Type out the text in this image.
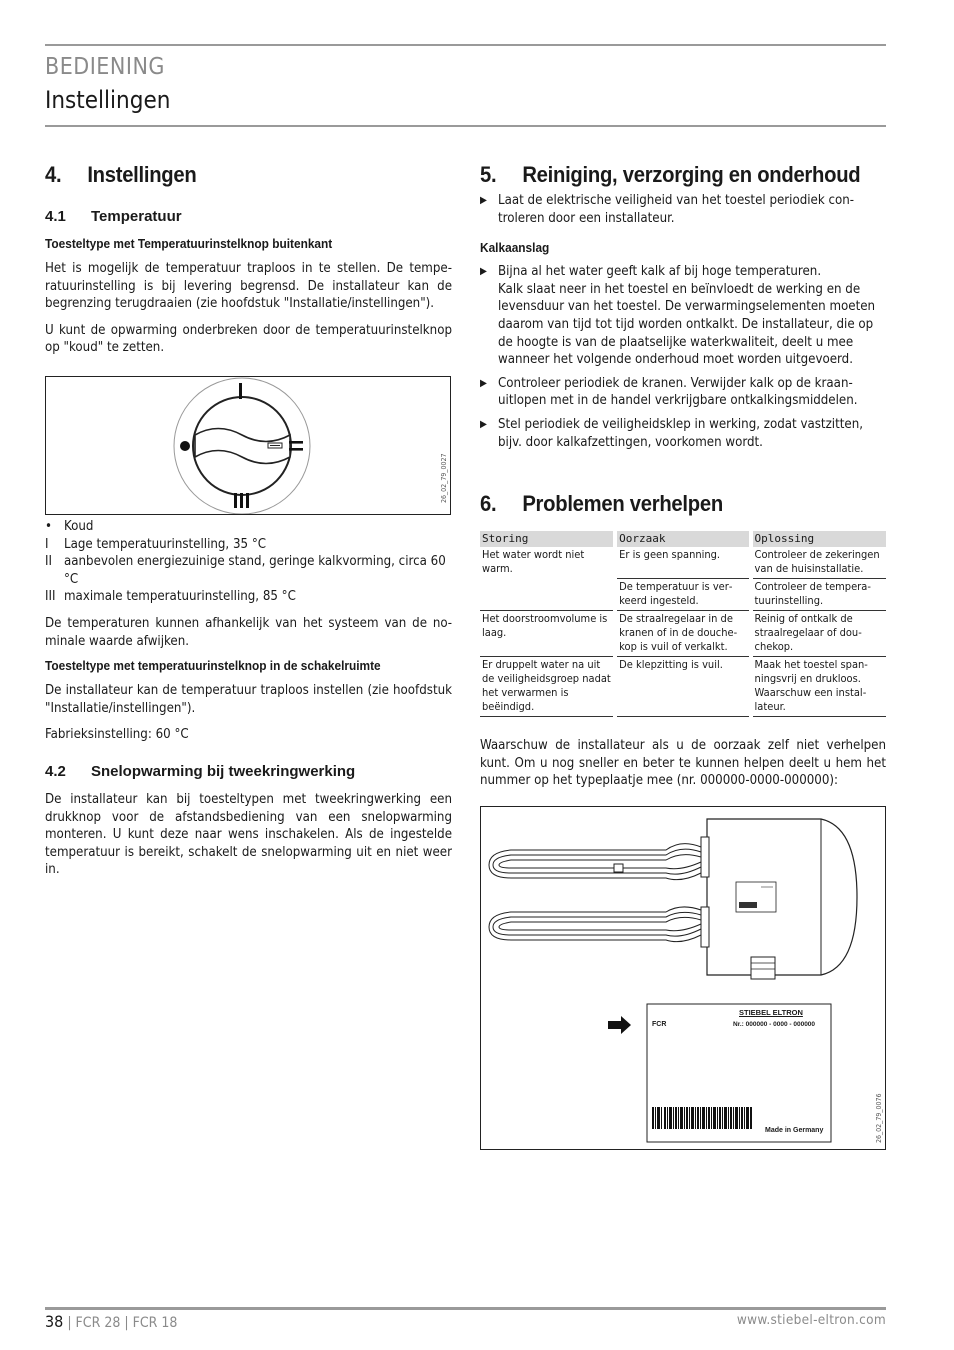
BEDIENING
Instellingen
4. Instellingen
4.1 Temperatuur
Toesteltype met Temperatuurinstelknop buitenkant

Het is mogelijk de temperatuur traploos in te stellen. De temperatuurinstelling is bij levering begrensd. De installateur kan de begrenzing terugdraaien (zie hoofdstuk "Installatie/instellingen").

U kunt de opwarming onderbreken door de temperatuurinstelknop op "koud" te zetten.

26_02_79_0027
• Koud
I	Lage temperatuurinstelling, 35 °C
II aanbevolen energiezuinige stand, geringe kalkvorming, circa 60 °C
III maximale temperatuurinstelling, 85 °C

De temperaturen kunnen afhankelijk van het systeem van de nominale waarde afwijken.

Toesteltype met temperatuurinstelknop in de schakelruimte

De installateur kan de temperatuur traploos instellen (zie hoofdstuk "Installatie/instellingen").

Fabrieksinstelling: 60 °C

4.2 Snelopwarming bij tweekringwerking

De installateur kan bij toesteltypen met tweekringwerking een drukknop voor de afstandsbediening van een snelopwarming monteren. U kunt deze naar wens inschakelen. Als de ingestelde temperatuur is bereikt, schakelt de snelopwarming uit en niet weer in.

5. Reiniging, verzorging en onderhoud
▶ Laat de elektrische veiligheid van het toestel periodiek controleren door een installateur.
Kalkaanslag
▶ Bijna al het water geeft kalk af bij hoge temperaturen.
Kalk slaat neer in het toestel en beïnvloedt de werking en de levensduur van het toestel. De verwarmingselementen moeten daarom van tijd tot tijd worden ontkalkt. De installateur, die op de hoogte is van de plaatselijke waterkwaliteit, deelt u mee wanneer het volgende onderhoud moet worden uitgevoerd.
▶ Controleer periodiek de kranen. Verwijder kalk op de kraanuitlopen met in de handel verkrijgbare ontkalkingsmiddelen.
▶ Stel periodiek de veiligheidsklep in werking, zodat vastzitten, bijv. door kalkafzettingen, voorkomen wordt.
6. Problemen verhelpen
Storing	Oorzaak	Oplossing
Het water wordt niet warm.	Er is geen spanning.	Controleer de zekeringen van de huisinstallatie.
	De temperatuur is verkeerd ingesteld.	Controleer de temperatuurinstelling.
Het doorstroomvolume is laag.	De straalregelaar in de kranen of in de douchekop is vuil of verkalkt.	Reinig of ontkalk de straalregelaar of douchekop.
Er druppelt water na uit de veiligheidsgroep nadat het verwarmen is beëindigd.	De klepzitting is vuil.	Maak het toestel spanningsvrij en drukloos. Waarschuw een installateur.

Waarschuw de installateur als u de oorzaak zelf niet verhelpen kunt. Om u nog sneller en beter te kunnen helpen deelt u hem het nummer op het typeplaatje mee (nr. 000000-0000-000000):

STIEBEL ELTRON
FCR	Nr.: 000000 - 0000 - 000000
Made in Germany	26_02_79_0076
38 | FCR 28 | FCR 18	www.stiebel-eltron.com
